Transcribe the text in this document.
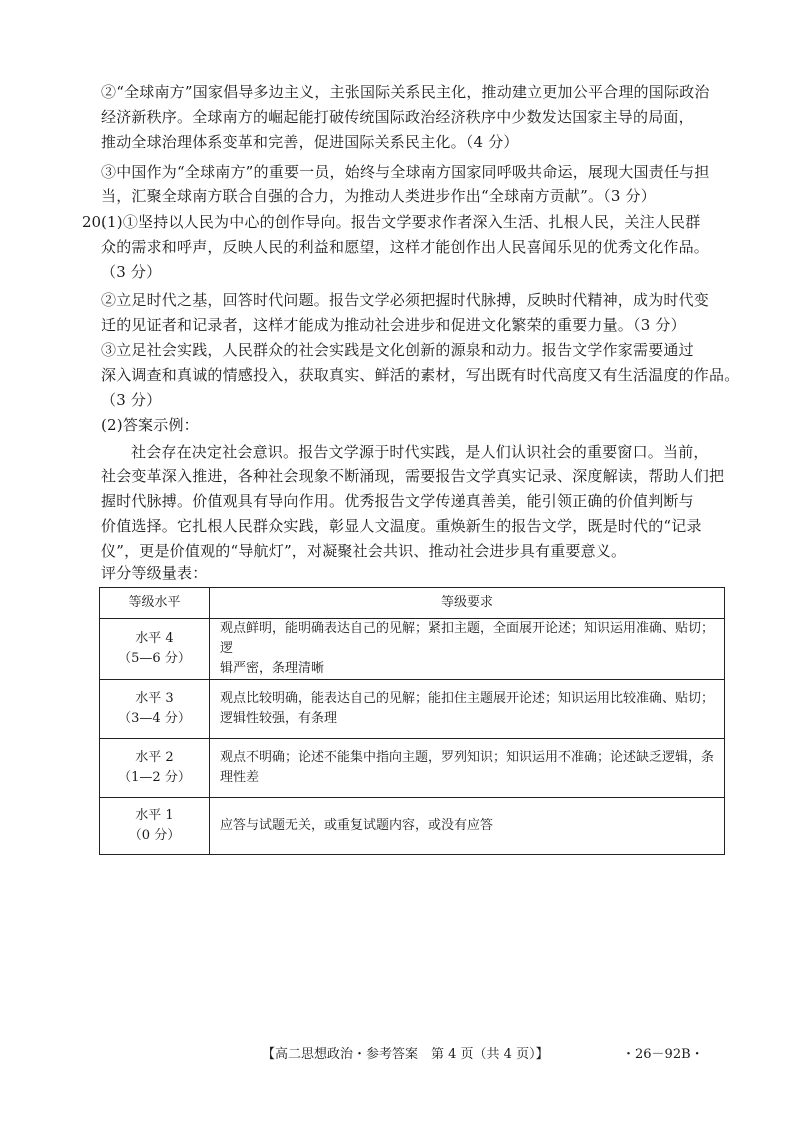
②“全球南方”国家倡导多边主义，主张国际关系民主化，推动建立更加公平合理的国际政治

经济新秩序。全球南方的崛起能打破传统国际政治经济秩序中少数发达国家主导的局面，

推动全球治理体系变革和完善，促进国际关系民主化。（4 分）

③中国作为“全球南方”的重要一员，始终与全球南方国家同呼吸共命运，展现大国责任与担

当，汇聚全球南方联合自强的合力，为推动人类进步作出“全球南方贡献”。（3 分）

20.

(1)①坚持以人民为中心的创作导向。报告文学要求作者深入生活、扎根人民，关注人民群

众的需求和呼声，反映人民的利益和愿望，这样才能创作出人民喜闻乐见的优秀文化作品。

（3 分）

②立足时代之基，回答时代问题。报告文学必须把握时代脉搏，反映时代精神，成为时代变

迁的见证者和记录者，这样才能成为推动社会进步和促进文化繁荣的重要力量。（3 分）

③立足社会实践，人民群众的社会实践是文化创新的源泉和动力。报告文学作家需要通过

深入调查和真诚的情感投入，获取真实、鲜活的素材，写出既有时代高度又有生活温度的作品。

（3 分）

(2)答案示例：

社会存在决定社会意识。报告文学源于时代实践，是人们认识社会的重要窗口。当前，

社会变革深入推进，各种社会现象不断涌现，需要报告文学真实记录、深度解读，帮助人们把

握时代脉搏。价值观具有导向作用。优秀报告文学传递真善美，能引领正确的价值判断与

价值选择。它扎根人民群众实践，彰显人文温度。重焕新生的报告文学，既是时代的“记录

仪”，更是价值观的“导航灯”，对凝聚社会共识、推动社会进步具有重要意义。

评分等级量表：

等级水平	等级要求

水平 4
（5—6 分）	观点鲜明，能明确表达自己的见解；紧扣主题，全面展开论述；知识运用准确、贴切；逻
辑严密，条理清晰

水平 3
（3—4 分）	观点比较明确，能表达自己的见解；能扣住主题展开论述；知识运用比较准确、贴切；
逻辑性较强，有条理

水平 2
（1—2 分）	观点不明确；论述不能集中指向主题，罗列知识；知识运用不准确；论述缺乏逻辑，条
理性差

水平 1
（0 分）	应答与试题无关，或重复试题内容，或没有应答

【高二思想政治・参考答案　第 4 页（共 4 页）】	・26－92B・
